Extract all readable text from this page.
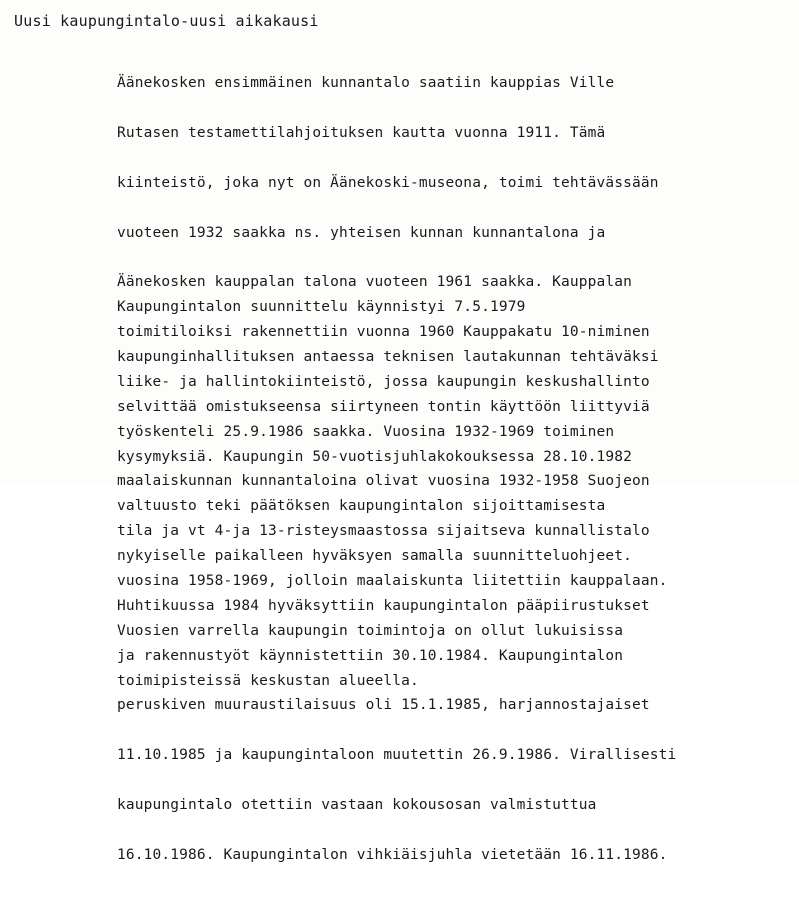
Uusi kaupungintalo-uusi aikakausi

Äänekosken ensimmäinen kunnantalo saatiin kauppias Ville

Rutasen testamettilahjoituksen kautta vuonna 1911. Tämä

kiinteistö, joka nyt on Äänekoski-museona, toimi tehtävässään

vuoteen 1932 saakka ns. yhteisen kunnan kunnantalona ja

Äänekosken kauppalan talona vuoteen 1961 saakka. Kauppalan

toimitiloiksi rakennettiin vuonna 1960 Kauppakatu 10-niminen

liike- ja hallintokiinteistö, jossa kaupungin keskushallinto

työskenteli 25.9.1986 saakka. Vuosina 1932-1969 toiminen

maalaiskunnan kunnantaloina olivat vuosina 1932-1958 Suojeon

tila ja vt 4-ja 13-risteysmaastossa sijaitseva kunnallistalo

vuosina 1958-1969, jolloin maalaiskunta liitettiin kauppalaan.

Vuosien varrella kaupungin toimintoja on ollut lukuisissa

toimipisteissä keskustan alueella.

Kaupungintalon suunnittelu käynnistyi 7.5.1979

kaupunginhallituksen antaessa teknisen lautakunnan tehtäväksi

selvittää omistukseensa siirtyneen tontin käyttöön liittyviä

kysymyksiä. Kaupungin 50-vuotisjuhlakokouksessa 28.10.1982

valtuusto teki päätöksen kaupungintalon sijoittamisesta

nykyiselle paikalleen hyväksyen samalla suunnitteluohjeet.

Huhtikuussa 1984 hyväksyttiin kaupungintalon pääpiirustukset

ja rakennustyöt käynnistettiin 30.10.1984. Kaupungintalon

peruskiven muuraustilaisuus oli 15.1.1985, harjannostajaiset

11.10.1985 ja kaupungintaloon muutettin 26.9.1986. Virallisesti

kaupungintalo otettiin vastaan kokousosan valmistuttua

16.10.1986. Kaupungintalon vihkiäisjuhla vietetään 16.11.1986.
